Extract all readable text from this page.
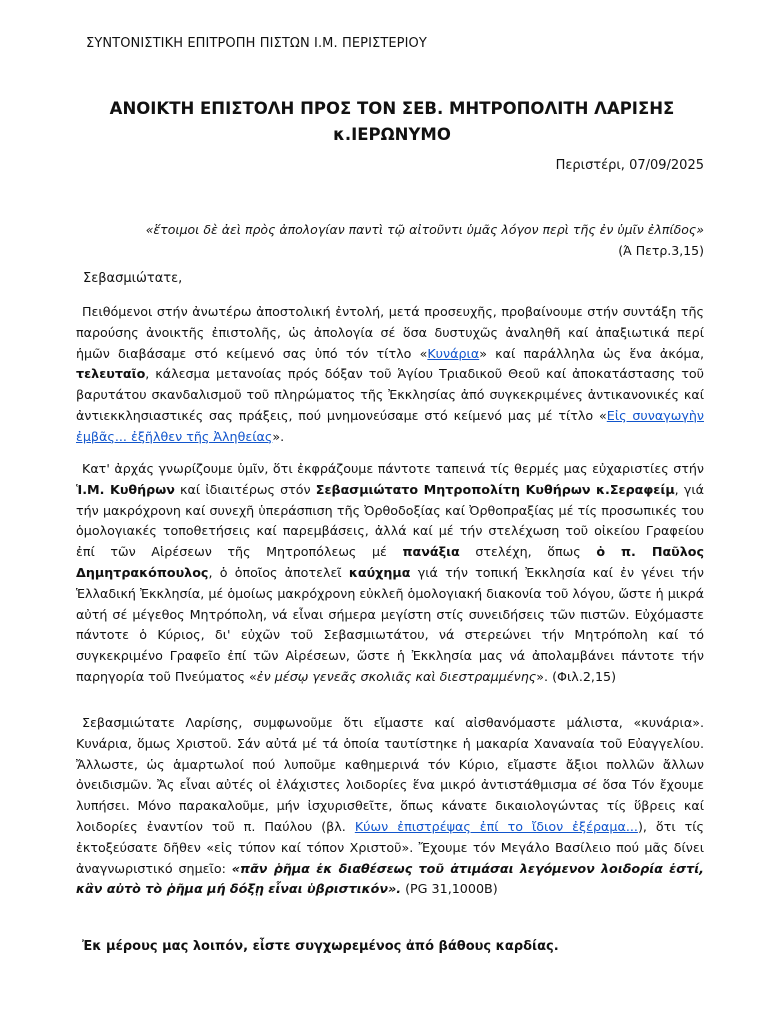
ΣΥΝΤΟΝΙΣΤΙΚΗ ΕΠΙΤΡΟΠΗ ΠΙΣΤΩΝ Ι.Μ. ΠΕΡΙΣΤΕΡΙΟΥ
ΑΝΟΙΚΤΗ ΕΠΙΣΤΟΛΗ ΠΡΟΣ ΤΟΝ ΣΕΒ. ΜΗΤΡΟΠΟΛΙΤΗ ΛΑΡΙΣΗΣ
κ.ΙΕΡΩΝΥΜΟ
Περιστέρι, 07/09/2025
«ἕτοιμοι δὲ ἀεὶ πρὸς ἀπολογίαν παντὶ τῷ αἰτοῦντι ὑμᾶς λόγον περὶ τῆς ἐν ὑμῖν ἐλπίδος»
(Ά Πετρ.3,15)
Σεβασμιώτατε,
Πειθόμενοι στήν ἀνωτέρω ἀποστολική ἐντολή, μετά προσευχῆς, προβαίνουμε στήν συντάξη τῆς παρούσης ἀνοικτῆς ἐπιστολῆς, ὡς ἀπολογία σέ ὅσα δυστυχῶς ἀναληθῆ καί ἀπαξιωτικά περί ἡμῶν διαβάσαμε στό κείμενό σας ὑπό τόν τίτλο «Κυνάρια» καί παράλληλα ὡς ἕνα ἀκόμα, τελευταῖο, κάλεσμα μετανοίας πρός δόξαν τοῦ Ἁγίου Τριαδικοῦ Θεοῦ καί ἀποκατάστασης τοῦ βαρυτάτου σκανδαλισμοῦ τοῦ πληρώματος τῆς Ἐκκλησίας ἀπό συγκεκριμένες ἀντικανονικές καί ἀντιεκκλησιαστικές σας πράξεις, πού μνημονεύσαμε στό κείμενό μας μέ τίτλο «Εἰς συναγωγὴν ἐμβᾶς... ἐξῆλθεν τῆς Ἀληθείας».
Κατ' ἀρχάς γνωρίζουμε ὑμῖν, ὅτι ἐκφράζουμε πάντοτε ταπεινά τίς θερμές μας εὐχαριστίες στήν Ἱ.Μ. Κυθήρων καί ἰδιαιτέρως στόν Σεβασμιώτατο Μητροπολίτη Κυθήρων κ.Σεραφείμ, γιά τήν μακρόχρονη καί συνεχῆ ὑπεράσπιση τῆς Ὀρθοδοξίας καί Ὀρθοπραξίας μέ τίς προσωπικές του ὁμολογιακές τοποθετήσεις καί παρεμβάσεις, ἀλλά καί μέ τήν στελέχωση τοῦ οἰκείου Γραφείου ἐπί τῶν Αἱρέσεων τῆς Μητροπόλεως μέ πανάξια στελέχη, ὅπως ὁ π. Παῦλος Δημητρακόπουλος, ὁ ὁποῖος ἀποτελεῖ καύχημα γιά τήν τοπική Ἐκκλησία καί ἐν γένει τήν Ἑλλαδική Ἐκκλησία, μέ ὁμοίως μακρόχρονη εὐκλεῆ ὁμολογιακή διακονία τοῦ λόγου, ὥστε ἡ μικρά αὐτή σέ μέγεθος Μητρόπολη, νά εἶναι σήμερα μεγίστη στίς συνειδήσεις τῶν πιστῶν. Εὐχόμαστε πάντοτε ὁ Κύριος, δι' εὐχῶν τοῦ Σεβασμιωτάτου, νά στερεώνει τήν Μητρόπολη καί τό συγκεκριμένο Γραφεῖο ἐπί τῶν Αἱρέσεων, ὥστε ἡ Ἐκκλησία μας νά ἀπολαμβάνει πάντοτε τήν παρηγορία τοῦ Πνεύματος «ἐν μέσῳ γενεᾶς σκολιᾶς καὶ διεστραμμένης». (Φιλ.2,15)
Σεβασμιώτατε Λαρίσης, συμφωνοῦμε ὅτι εἴμαστε καί αἰσθανόμαστε μάλιστα, «κυνάρια». Κυνάρια, ὅμως Χριστοῦ. Σάν αὐτά μέ τά ὁποία ταυτίστηκε ἡ μακαρία Χαναναία τοῦ Εὐαγγελίου. Ἄλλωστε, ὡς ἁμαρτωλοί πού λυποῦμε καθημερινά τόν Κύριο, εἴμαστε ἄξιοι πολλῶν ἄλλων ὀνειδισμῶν. Ἄς εἶναι αὐτές οἱ ἐλάχιστες λοιδορίες ἕνα μικρό ἀντιστάθμισμα σέ ὅσα Τόν ἔχουμε λυπήσει. Μόνο παρακαλοῦμε, μήν ἰσχυρισθεῖτε, ὅπως κάνατε δικαιολογώντας τίς ὕβρεις καί λοιδορίες ἐναντίον τοῦ π. Παύλου (βλ. Κύων ἐπιστρέψας ἐπί το ἴδιον ἐξέραμα...), ὅτι τίς ἐκτοξεύσατε δῆθεν «εἰς τύπον καί τόπον Χριστοῦ». Ἔχουμε τόν Μεγάλο Βασίλειο πού μᾶς δίνει ἀναγνωριστικό σημεῖο: «πᾶν ῥῆμα ἐκ διαθέσεως τοῦ ἀτιμάσαι λεγόμενον λοιδορία ἐστί, κἂν αὐτὸ τὸ ῥῆμα μή δόξῃ εἶναι ὑβριστικόν». (PG 31,1000B)
Ἐκ μέρους μας λοιπόν, εἶστε συγχωρεμένος ἀπό βάθους καρδίας.
